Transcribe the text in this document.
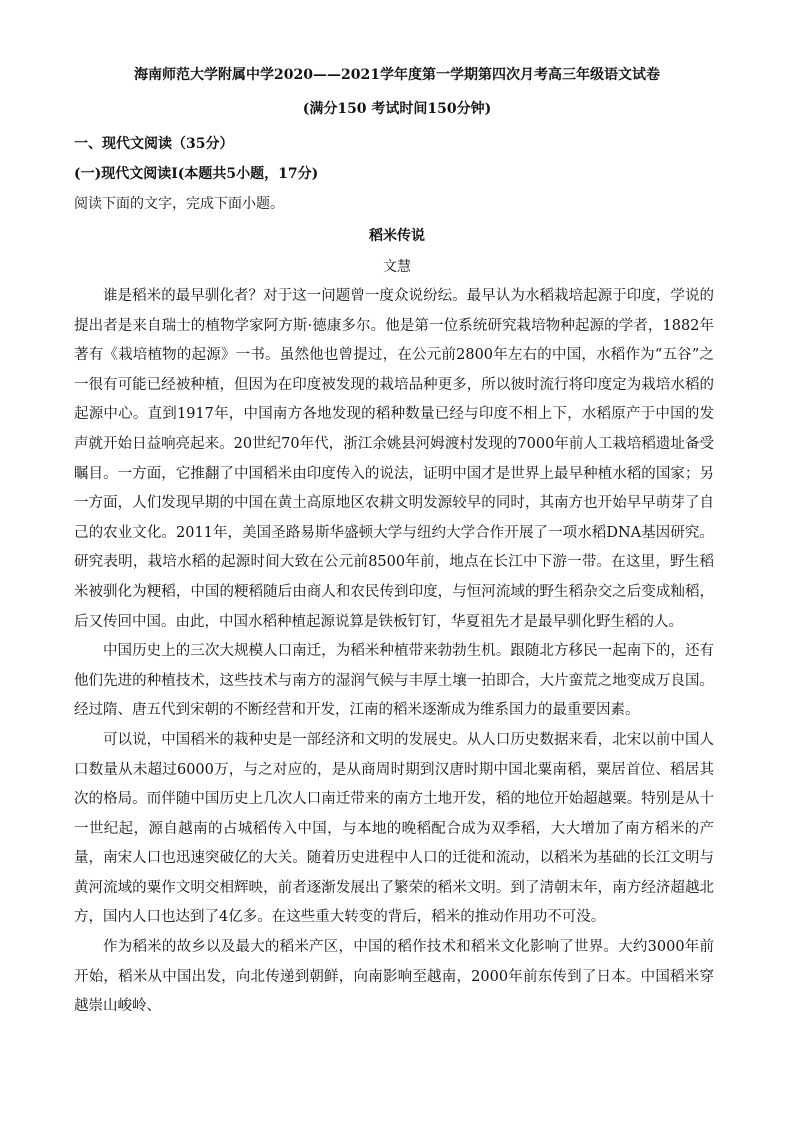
海南师范大学附属中学2020——2021学年度第一学期第四次月考高三年级语文试卷
(满分150 考试时间150分钟)
一、现代文阅读（35分）
(一)现代文阅读Ⅰ(本题共5小题，17分)
阅读下面的文字，完成下面小题。
稻米传说
文慧

谁是稻米的最早驯化者？对于这一问题曾一度众说纷纭。最早认为水稻栽培起源于印度，学说的提出者是来自瑞士的植物学家阿方斯·德康多尔。他是第一位系统研究栽培物种起源的学者，1882年著有《栽培植物的起源》一书。虽然他也曾提过，在公元前2800年左右的中国，水稻作为“五谷”之一很有可能已经被种植，但因为在印度被发现的栽培品种更多，所以彼时流行将印度定为栽培水稻的起源中心。直到1917年，中国南方各地发现的稻种数量已经与印度不相上下，水稻原产于中国的发声就开始日益响亮起来。20世纪70年代，浙江余姚县河姆渡村发现的7000年前人工栽培稻遗址备受瞩目。一方面，它推翻了中国稻米由印度传入的说法，证明中国才是世界上最早种植水稻的国家；另一方面，人们发现早期的中国在黄土高原地区农耕文明发源较早的同时，其南方也开始早早萌芽了自己的农业文化。2011年，美国圣路易斯华盛顿大学与纽约大学合作开展了一项水稻DNA基因研究。研究表明，栽培水稻的起源时间大致在公元前8500年前，地点在长江中下游一带。在这里，野生稻米被驯化为粳稻，中国的粳稻随后由商人和农民传到印度，与恒河流域的野生稻杂交之后变成籼稻，后又传回中国。由此，中国水稻种植起源说算是铁板钉钉，华夏祖先才是最早驯化野生稻的人。

中国历史上的三次大规模人口南迁，为稻米种植带来勃勃生机。跟随北方移民一起南下的，还有他们先进的种植技术，这些技术与南方的湿润气候与丰厚土壤一拍即合，大片蛮荒之地变成万良国。经过隋、唐五代到宋朝的不断经营和开发，江南的稻米逐渐成为维系国力的最重要因素。

可以说，中国稻米的栽种史是一部经济和文明的发展史。从人口历史数据来看，北宋以前中国人口数量从未超过6000万，与之对应的，是从商周时期到汉唐时期中国北粟南稻，粟居首位、稻居其次的格局。而伴随中国历史上几次人口南迁带来的南方土地开发，稻的地位开始超越粟。特别是从十一世纪起，源自越南的占城稻传入中国，与本地的晚稻配合成为双季稻，大大增加了南方稻米的产量，南宋人口也迅速突破亿的大关。随着历史进程中人口的迁徙和流动，以稻米为基础的长江文明与黄河流域的粟作文明交相辉映，前者逐渐发展出了繁荣的稻米文明。到了清朝末年，南方经济超越北方，国内人口也达到了4亿多。在这些重大转变的背后，稻米的推动作用功不可没。

作为稻米的故乡以及最大的稻米产区，中国的稻作技术和稻米文化影响了世界。大约3000年前开始，稻米从中国出发，向北传递到朝鲜，向南影响至越南，2000年前东传到了日本。中国稻米穿越崇山峻岭、
